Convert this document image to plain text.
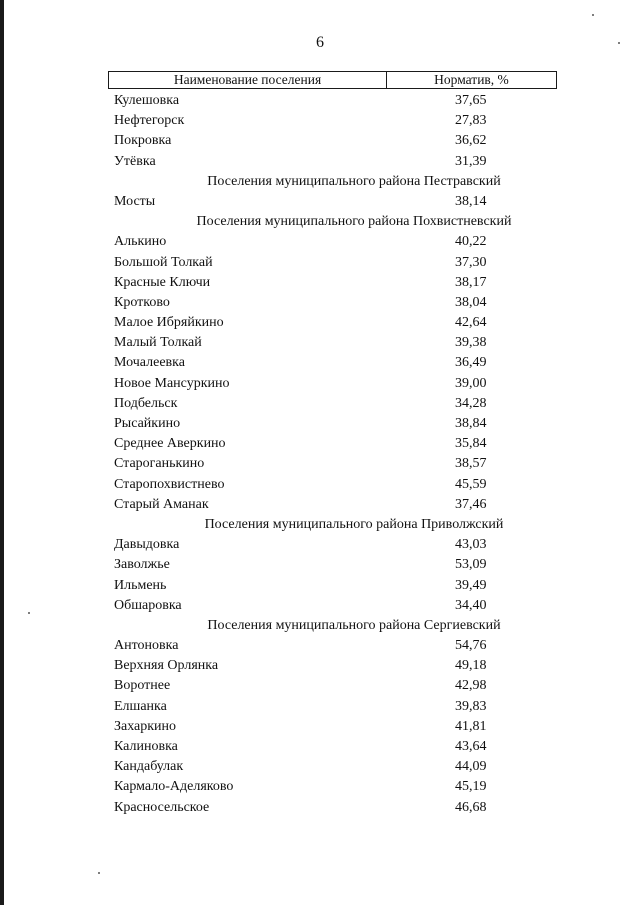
6
Наименование поселения	Норматив, %
Кулешовка	37,65
Нефтегорск	27,83
Покровка	36,62
Утёвка	31,39
Поселения муниципального района Пестравский
Мосты	38,14
Поселения муниципального района Похвистневский
Алькино	40,22
Большой Толкай	37,30
Красные Ключи	38,17
Кротково	38,04
Малое Ибряйкино	42,64
Малый Толкай	39,38
Мочалеевка	36,49
Новое Мансуркино	39,00
Подбельск	34,28
Рысайкино	38,84
Среднее Аверкино	35,84
Староганькино	38,57
Старопохвистнево	45,59
Старый Аманак	37,46
Поселения муниципального района Приволжский
Давыдовка	43,03
Заволжье	53,09
Ильмень	39,49
Обшаровка	34,40
Поселения муниципального района Сергиевский
Антоновка	54,76
Верхняя Орлянка	49,18
Воротнее	42,98
Елшанка	39,83
Захаркино	41,81
Калиновка	43,64
Кандабулак	44,09
Кармало-Аделяково	45,19
Красносельское	46,68
